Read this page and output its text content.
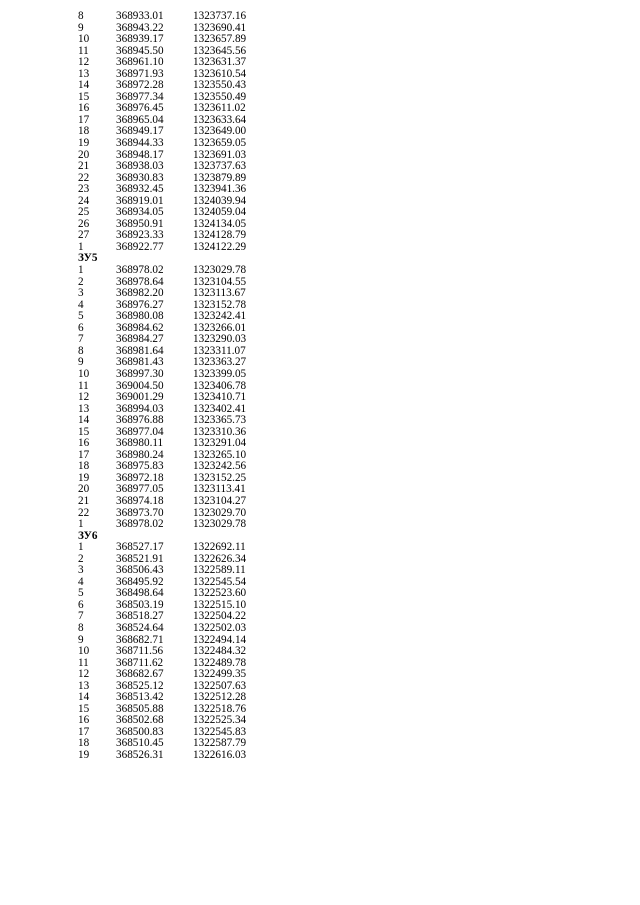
8	368933.01	1323737.16
9	368943.22	1323690.41
10 368939.17	1323657.89
11 368945.50	1323645.56
12 368961.10	1323631.37
13 368971.93	1323610.54
14 368972.28	1323550.43
15 368977.34	1323550.49
16 368976.45	1323611.02
17 368965.04	1323633.64
18 368949.17	1323649.00
19 368944.33	1323659.05
20 368948.17	1323691.03
21 368938.03	1323737.63
22 368930.83	1323879.89
23 368932.45	1323941.36
24 368919.01	1324039.94
25 368934.05	1324059.04
26 368950.91	1324134.05
27 368923.33	1324128.79
1	368922.77	1324122.29
ЗУ5
1	368978.02	1323029.78
2	368978.64	1323104.55
3	368982.20	1323113.67
4	368976.27	1323152.78
5	368980.08	1323242.41
6	368984.62	1323266.01
7	368984.27	1323290.03
8	368981.64	1323311.07
9	368981.43	1323363.27
10 368997.30	1323399.05
11 369004.50	1323406.78
12 369001.29	1323410.71
13 368994.03	1323402.41
14 368976.88	1323365.73
15 368977.04	1323310.36
16 368980.11	1323291.04
17 368980.24	1323265.10
18 368975.83	1323242.56
19 368972.18	1323152.25
20 368977.05	1323113.41
21 368974.18	1323104.27
22 368973.70	1323029.70
1	368978.02	1323029.78
ЗУ6
1	368527.17	1322692.11
2	368521.91	1322626.34
3	368506.43	1322589.11
4	368495.92	1322545.54
5	368498.64	1322523.60
6	368503.19	1322515.10
7	368518.27	1322504.22
8	368524.64	1322502.03
9	368682.71	1322494.14
10 368711.56	1322484.32
11 368711.62	1322489.78
12 368682.67	1322499.35
13 368525.12	1322507.63
14 368513.42	1322512.28
15 368505.88	1322518.76
16 368502.68	1322525.34
17 368500.83	1322545.83
18 368510.45	1322587.79
19 368526.31	1322616.03
